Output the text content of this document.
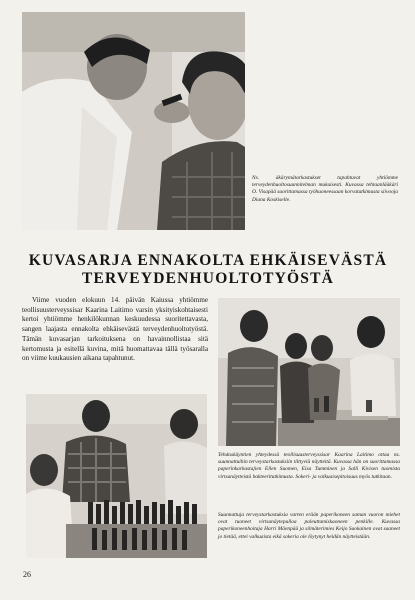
Ns. äkärymätarkastukset tapahtuvat yhtiömme terveydenhuoltosuunnitelman mukaisesti. Kuvassa tehtaanlääkäri O. Visapää suorittamassa työhuoneessaan korvatutkimusta siivooja Diana Koskiselle.

KUVASARJA ENNAKOLTA EHKÄISEVÄSTÄ
TERVEYDENHUOLTOTYÖSTÄ

Viime vuoden elokuun 14. päivän Kaiussa yhtiömme teollisuusterveyssisar Kaarina Laitimo varsin yksityiskohtaisesti kertoi yhtiömme henkilökunnan keskuudessa suoritettavasta, sangen laajasta ennakolta ehkäisevästä terveydenhuoltotyöstä. Tämän kuvasarjan tarkoituksena on havainnollistaa sitä kertomusta ja esitellä kuvina, mitä huomattavaa tällä työsaralla on viime kuukausien aikana tapahtunut.

Tehdaskäyntien yhteydessä teollisuusterveyssisar Kaarina Laitimo ottaa ns. suunnattuihin terveystarkastuksiin tilttyviä näytteitä. Kuvassa hän on suorittamassa paperinkarkastajien Ellen Suomen, Eisa Tumminen ja Salli Kivisen tuomista virtsanäytteistä bakteeritutkimusta. Sokeri- ja valkuaisepitoisuus myös tutkitaan.

Suunnattuja terveystarkastuksia varten erään paperikoneen saman vuoron miehet ovat tuoneet virtsanäytepulloa paleuttamiskaoneen penkille. Kuvassa paperikoneenhoitaja Harri Mäenpää ja silmäterimies Keijo Saokainen ovat saaneet jo tietää, ettei valkuaista eikä sokeria ole löytynyt heidän näytteistään.

26
